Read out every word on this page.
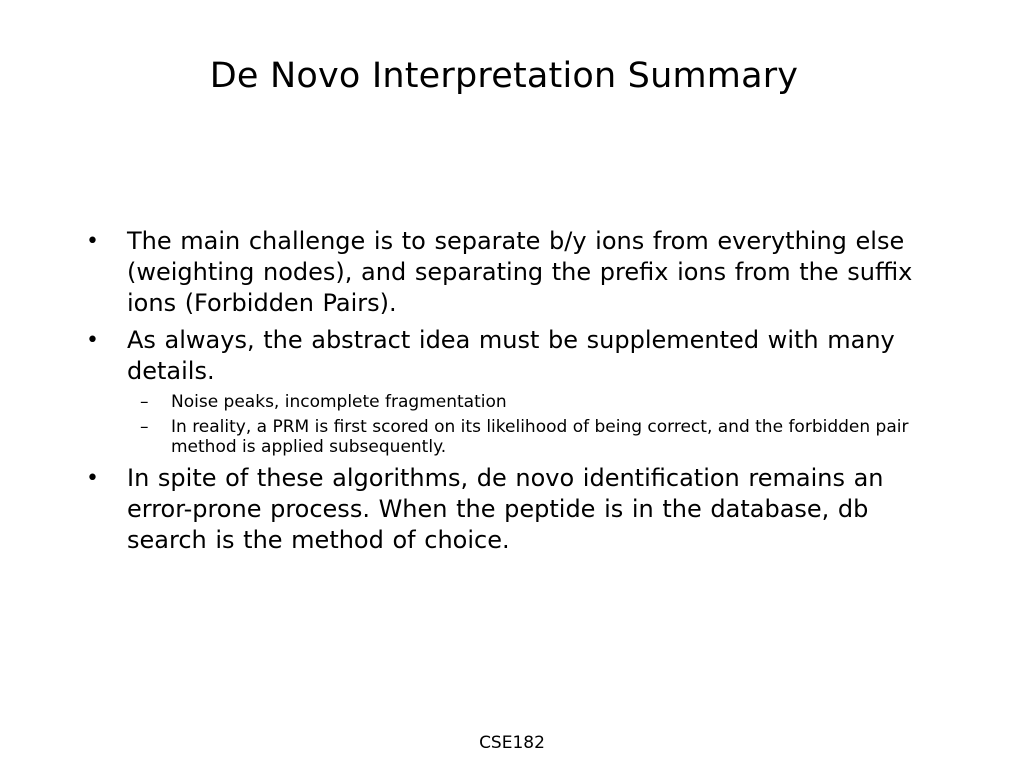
De Novo Interpretation Summary
• The main challenge is to separate b/y ions from everything else (weighting nodes), and separating the prefix ions from the suffix ions (Forbidden Pairs).
• As always, the abstract idea must be supplemented with many details.
– Noise peaks, incomplete fragmentation
– In reality, a PRM is first scored on its likelihood of being correct, and the forbidden pair method is applied subsequently.
• In spite of these algorithms, de novo identification remains an error-prone process. When the peptide is in the database, db search is the method of choice.
CSE182
